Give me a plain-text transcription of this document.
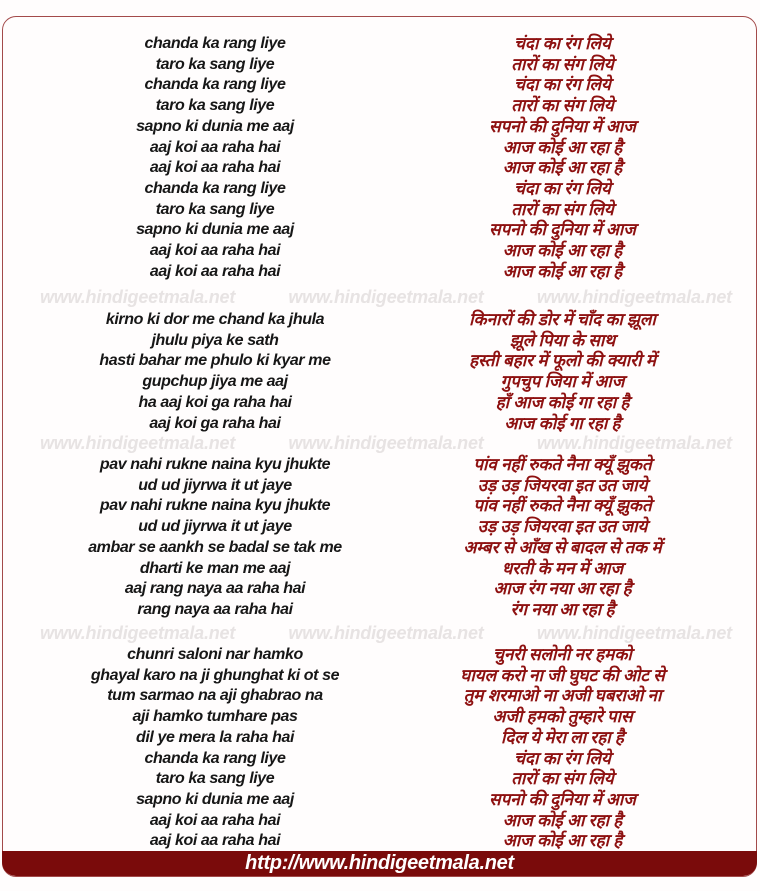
chanda ka rang liye
taro ka sang liye
chanda ka rang liye
taro ka sang liye
sapno ki dunia me aaj
aaj koi aa raha hai
aaj koi aa raha hai
chanda ka rang liye
taro ka sang liye
sapno ki dunia me aaj
aaj koi aa raha hai
aaj koi aa raha hai
चंदा का रंग लिये
तारों का संग लिये
चंदा का रंग लिये
तारों का संग लिये
सपनो की दुनिया में आज
आज कोई आ रहा है
आज कोई आ रहा है
चंदा का रंग लिये
तारों का संग लिये
सपनो की दुनिया में आज
आज कोई आ रहा है
आज कोई आ रहा है
www.hindigeetmala.net	www.hindigeetmala.net	www.hindigeetmala.net
kirno ki dor me chand ka jhula
jhulu piya ke sath
hasti bahar me phulo ki kyar me
gupchup jiya me aaj
ha aaj koi ga raha hai
aaj koi ga raha hai
किनारों की डोर में चाँद का झूला
झूले पिया के साथ
हस्ती बहार में फूलो की क्यारी में
गुपचुप जिया में आज
हाँ आज कोई गा रहा है
आज कोई गा रहा है
www.hindigeetmala.net	www.hindigeetmala.net	www.hindigeetmala.net
pav nahi rukne naina kyu jhukte
ud ud jiyrwa it ut jaye
pav nahi rukne naina kyu jhukte
ud ud jiyrwa it ut jaye
ambar se aankh se badal se tak me
dharti ke man me aaj
aaj rang naya aa raha hai
rang naya aa raha hai
पांव नहीं रुकते नैना क्यूँ झुकते
उड़ उड़ जियरवा इत उत जाये
पांव नहीं रुकते नैना क्यूँ झुकते
उड़ उड़ जियरवा इत उत जाये
अम्बर से आँख से बादल से तक में
धरती के मन में आज
आज रंग नया आ रहा है
रंग नया आ रहा है
www.hindigeetmala.net	www.hindigeetmala.net	www.hindigeetmala.net
chunri saloni nar hamko
ghayal karo na ji ghunghat ki ot se
tum sarmao na aji ghabrao na
aji hamko tumhare pas
dil ye mera la raha hai
chanda ka rang liye
taro ka sang liye
sapno ki dunia me aaj
aaj koi aa raha hai
aaj koi aa raha hai
चुनरी सलोनी नर हमको
घायल करो ना जी घुघट की ओट से
तुम शरमाओ ना अजी घबराओ ना
अजी हमको तुम्हारे पास
दिल ये मेरा ला रहा है
चंदा का रंग लिये
तारों का संग लिये
सपनो की दुनिया में आज
आज कोई आ रहा है
आज कोई आ रहा है
http://www.hindigeetmala.net
